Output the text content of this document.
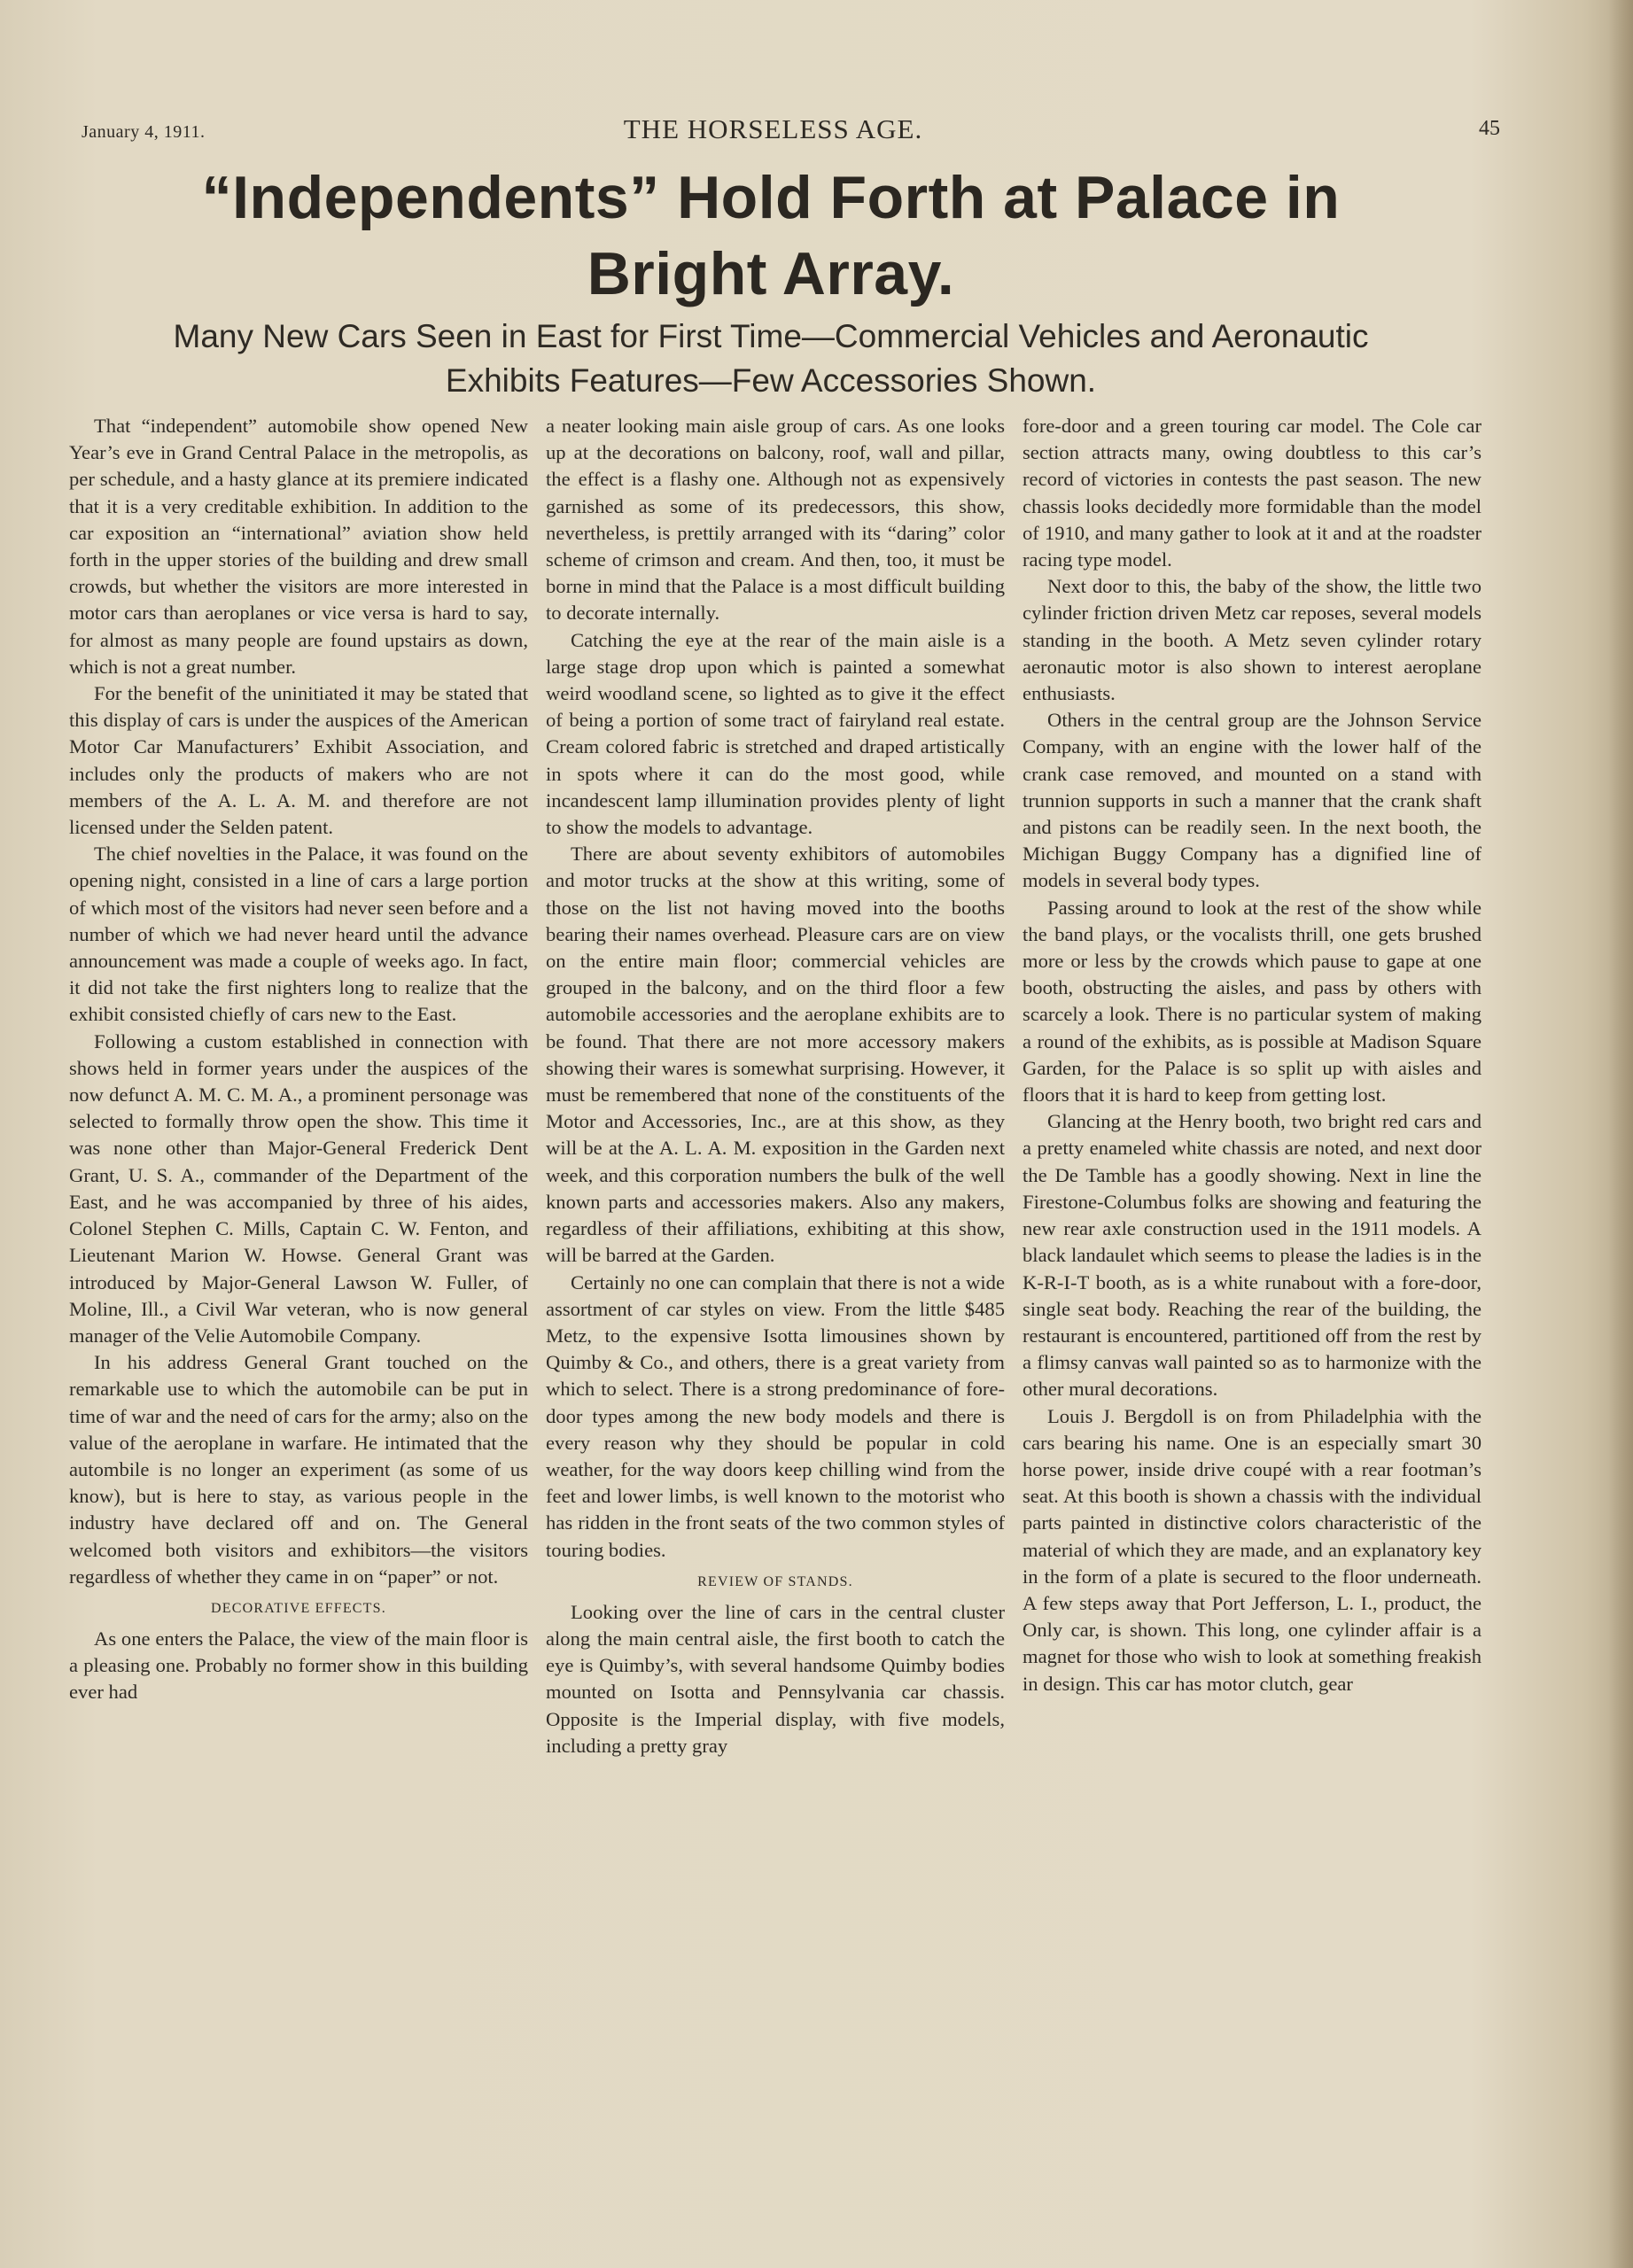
January 4, 1911.	THE HORSELESS AGE.	45
“Independents” Hold Forth at Palace in
Bright Array.
Many New Cars Seen in East for First Time—Commercial Vehicles and Aeronautic
Exhibits Features—Few Accessories Shown.

That “independent” automobile show opened New Year’s eve in Grand Central Palace in the metropolis, as per schedule, and a hasty glance at its premiere indicated that it is a very creditable exhibition. In addition to the car exposition an “international” aviation show held forth in the upper stories of the building and drew small crowds, but whether the visitors are more interested in motor cars than aeroplanes or vice versa is hard to say, for almost as many people are found upstairs as down, which is not a great number.

For the benefit of the uninitiated it may be stated that this display of cars is under the auspices of the American Motor Car Manufacturers’ Exhibit Association, and includes only the products of makers who are not members of the A. L. A. M. and therefore are not licensed under the Selden patent.

The chief novelties in the Palace, it was found on the opening night, consisted in a line of cars a large portion of which most of the visitors had never seen before and a number of which we had never heard until the advance announcement was made a couple of weeks ago. In fact, it did not take the first nighters long to realize that the exhibit consisted chiefly of cars new to the East.

Following a custom established in connection with shows held in former years under the auspices of the now defunct A. M. C. M. A., a prominent personage was selected to formally throw open the show. This time it was none other than Major-General Frederick Dent Grant, U. S. A., commander of the Department of the East, and he was accompanied by three of his aides, Colonel Stephen C. Mills, Captain C. W. Fenton, and Lieutenant Marion W. Howse. General Grant was introduced by Major-General Lawson W. Fuller, of Moline, Ill., a Civil War veteran, who is now general manager of the Velie Automobile Company.

In his address General Grant touched on the remarkable use to which the automobile can be put in time of war and the need of cars for the army; also on the value of the aeroplane in warfare. He intimated that the autombile is no longer an experiment (as some of us know), but is here to stay, as various people in the industry have declared off and on. The General welcomed both visitors and exhibitors—the visitors regardless of whether they came in on “paper” or not.

DECORATIVE EFFECTS.

As one enters the Palace, the view of the main floor is a pleasing one. Probably no former show in this building ever had

a neater looking main aisle group of cars. As one looks up at the decorations on balcony, roof, wall and pillar, the effect is a flashy one. Although not as expensively garnished as some of its predecessors, this show, nevertheless, is prettily arranged with its “daring” color scheme of crimson and cream. And then, too, it must be borne in mind that the Palace is a most difficult building to decorate internally.

Catching the eye at the rear of the main aisle is a large stage drop upon which is painted a somewhat weird woodland scene, so lighted as to give it the effect of being a portion of some tract of fairyland real estate. Cream colored fabric is stretched and draped artistically in spots where it can do the most good, while incandescent lamp illumination provides plenty of light to show the models to advantage.

There are about seventy exhibitors of automobiles and motor trucks at the show at this writing, some of those on the list not having moved into the booths bearing their names overhead. Pleasure cars are on view on the entire main floor; commercial vehicles are grouped in the balcony, and on the third floor a few automobile accessories and the aeroplane exhibits are to be found. That there are not more accessory makers showing their wares is somewhat surprising. However, it must be remembered that none of the constituents of the Motor and Accessories, Inc., are at this show, as they will be at the A. L. A. M. exposition in the Garden next week, and this corporation numbers the bulk of the well known parts and accessories makers. Also any makers, regardless of their affiliations, exhibiting at this show, will be barred at the Garden.

Certainly no one can complain that there is not a wide assortment of car styles on view. From the little $485 Metz, to the expensive Isotta limousines shown by Quimby & Co., and others, there is a great variety from which to select. There is a strong predominance of fore-door types among the new body models and there is every reason why they should be popular in cold weather, for the way doors keep chilling wind from the feet and lower limbs, is well known to the motorist who has ridden in the front seats of the two common styles of touring bodies.

REVIEW OF STANDS.

Looking over the line of cars in the central cluster along the main central aisle, the first booth to catch the eye is Quimby’s, with several handsome Quimby bodies mounted on Isotta and Pennsylvania car chassis. Opposite is the Imperial display, with five models, including a pretty gray

fore-door and a green touring car model. The Cole car section attracts many, owing doubtless to this car’s record of victories in contests the past season. The new chassis looks decidedly more formidable than the model of 1910, and many gather to look at it and at the roadster racing type model.

Next door to this, the baby of the show, the little two cylinder friction driven Metz car reposes, several models standing in the booth. A Metz seven cylinder rotary aeronautic motor is also shown to interest aeroplane enthusiasts.

Others in the central group are the Johnson Service Company, with an engine with the lower half of the crank case removed, and mounted on a stand with trunnion supports in such a manner that the crank shaft and pistons can be readily seen. In the next booth, the Michigan Buggy Company has a dignified line of models in several body types.

Passing around to look at the rest of the show while the band plays, or the vocalists thrill, one gets brushed more or less by the crowds which pause to gape at one booth, obstructing the aisles, and pass by others with scarcely a look. There is no particular system of making a round of the exhibits, as is possible at Madison Square Garden, for the Palace is so split up with aisles and floors that it is hard to keep from getting lost.

Glancing at the Henry booth, two bright red cars and a pretty enameled white chassis are noted, and next door the De Tamble has a goodly showing. Next in line the Firestone-Columbus folks are showing and featuring the new rear axle construction used in the 1911 models. A black landaulet which seems to please the ladies is in the K-R-I-T booth, as is a white runabout with a fore-door, single seat body. Reaching the rear of the building, the restaurant is encountered, partitioned off from the rest by a flimsy canvas wall painted so as to harmonize with the other mural decorations.

Louis J. Bergdoll is on from Philadelphia with the cars bearing his name. One is an especially smart 30 horse power, inside drive coupé with a rear footman’s seat. At this booth is shown a chassis with the individual parts painted in distinctive colors characteristic of the material of which they are made, and an explanatory key in the form of a plate is secured to the floor underneath. A few steps away that Port Jefferson, L. I., product, the Only car, is shown. This long, one cylinder affair is a magnet for those who wish to look at something freakish in design. This car has motor clutch, gear
